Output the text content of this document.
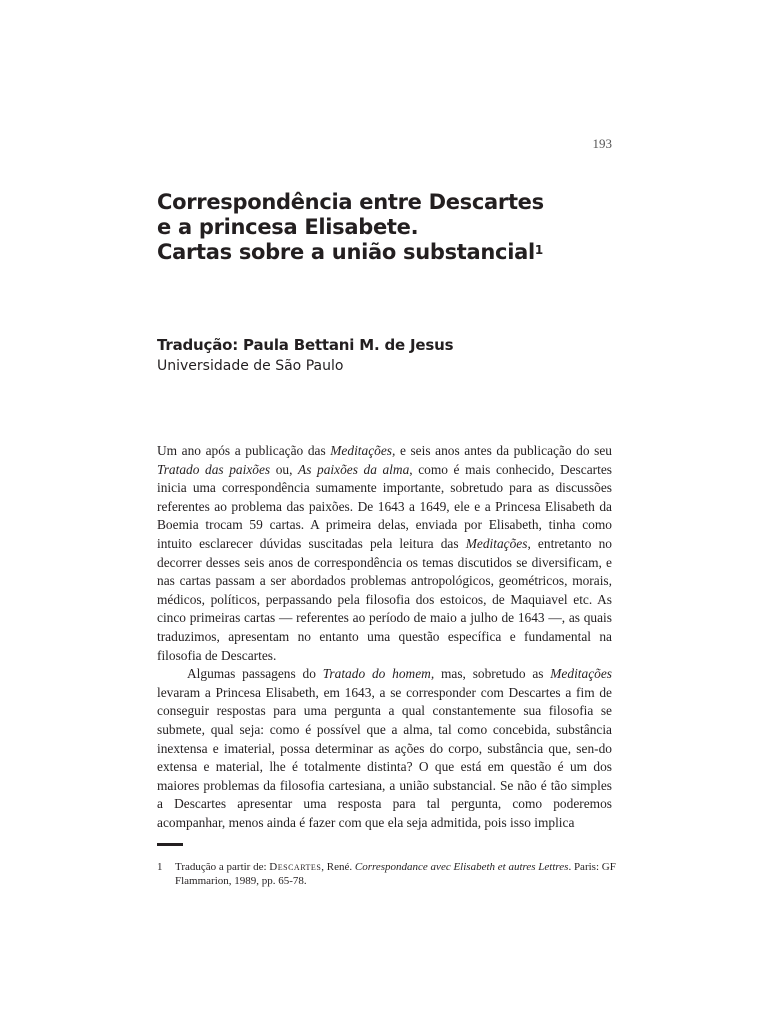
193
Correspondência entre Descartes
e a princesa Elisabete.
Cartas sobre a união substancial$^1$
Tradução: Paula Bettani M. de Jesus
Universidade de São Paulo

Um ano após a publicação das Meditações, e seis anos antes da publicação do seu Tratado das paixões ou, As paixões da alma, como é mais conhecido, Descartes inicia uma correspondência sumamente importante, sobretudo para as discussões referentes ao problema das paixões. De 1643 a 1649, ele e a Princesa Elisabeth da Boemia trocam 59 cartas. A primeira delas, enviada por Elisabeth, tinha como intuito esclarecer dúvidas suscitadas pela leitura das Meditações, entretanto no decorrer desses seis anos de correspondência os temas discutidos se diversificam, e nas cartas passam a ser abordados problemas antropológicos, geométricos, morais, médicos, políticos, perpassando pela filosofia dos estoicos, de Maquiavel etc. As cinco primeiras cartas — referentes ao período de maio a julho de 1643 —, as quais traduzimos, apresentam no entanto uma questão específica e fundamental na filosofia de Descartes.

Algumas passagens do Tratado do homem, mas, sobretudo as Meditações levaram a Princesa Elisabeth, em 1643, a se corresponder com Descartes a fim de conseguir respostas para uma pergunta a qual constantemente sua filosofia se submete, qual seja: como é possível que a alma, tal como concebida, substância inextensa e imaterial, possa determinar as ações do corpo, substância que, sen-do extensa e material, lhe é totalmente distinta? O que está em questão é um dos maiores problemas da filosofia cartesiana, a união substancial. Se não é tão simples a Descartes apresentar uma resposta para tal pergunta, como poderemos acompanhar, menos ainda é fazer com que ela seja admitida, pois isso implica

1 Tradução a partir de: Descartes, René. Correspondance avec Elisabeth et autres Lettres. Paris: GF Flammarion, 1989, pp. 65-78.
